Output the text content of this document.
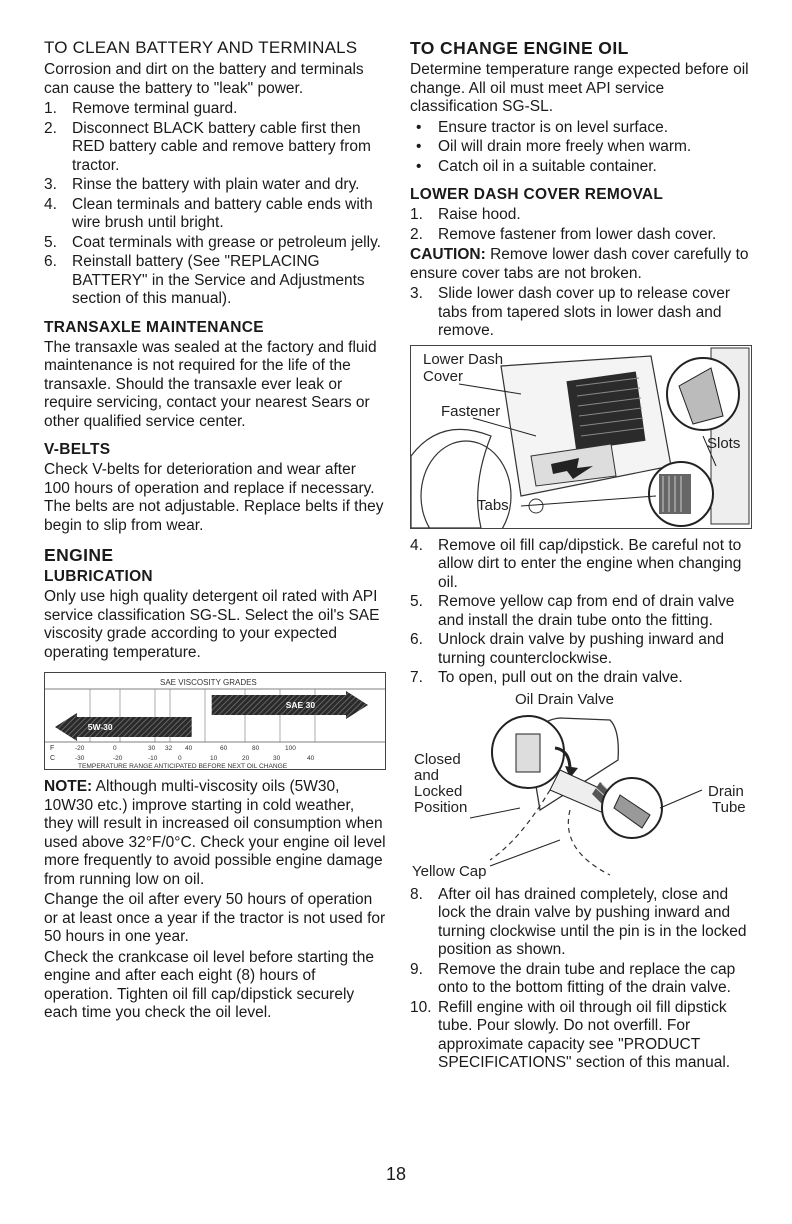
TO CLEAN BATTERY AND TERMINALS

Corrosion and dirt on the battery and terminals can cause the battery to "leak" power.

1. Remove terminal guard.
2. Disconnect BLACK battery cable first then RED battery cable and remove battery from tractor.
3. Rinse the battery with plain water and dry.
4. Clean terminals and battery cable ends with wire brush until bright.
5. Coat terminals with grease or petroleum jelly.
6. Reinstall battery (See "REPLACING BATTERY" in the Service and Adjustments section of this manual).
TRANSAXLE MAINTENANCE

The transaxle was sealed at the factory and fluid maintenance is not required for the life of the transaxle. Should the transaxle ever leak or require servicing, contact your nearest Sears or other qualified service center.

V-BELTS

Check V-belts for deterioration and wear after 100 hours of operation and replace if necessary. The belts are not adjustable. Replace belts if they begin to slip from wear.

ENGINE
LUBRICATION

Only use high quality detergent oil rated with API service classification SG-SL. Select the oil's SAE viscosity grade according to your expected operating temperature.

SAE VISCOSITY GRADES
SAE 30
5W-30
F	-20	0	30 32 40	60	80	100
C	-30	-20	-10	0	10	20	30	40
TEMPERATURE RANGE ANTICIPATED BEFORE NEXT OIL CHANGE

NOTE: Although multi-viscosity oils (5W30, 10W30 etc.) improve starting in cold weather, they will result in increased oil consumption when used above 32°F/0°C. Check your engine oil level more frequently to avoid possible engine damage from running low on oil.

Change the oil after every 50 hours of operation or at least once a year if the tractor is not used for 50 hours in one year.

Check the crankcase oil level before starting the engine and after each eight (8) hours of operation. Tighten oil fill cap/dipstick securely each time you check the oil level.

TO CHANGE ENGINE OIL

Determine temperature range expected before oil change. All oil must meet API service classification SG-SL.

• Ensure tractor is on level surface.
• Oil will drain more freely when warm.
• Catch oil in a suitable container.
LOWER DASH COVER REMOVAL
1. Raise hood.
2. Remove fastener from lower dash cover.

CAUTION: Remove lower dash cover carefully to ensure cover tabs are not broken.

3. Slide lower dash cover up to release cover tabs from tapered slots in lower dash and remove.
Lower Dash
Cover
Fastener
Slots
Tabs
4. Remove oil fill cap/dipstick. Be careful not to allow dirt to enter the engine when changing oil.
5. Remove yellow cap from end of drain valve and install the drain tube onto the fitting.
6. Unlock drain valve by pushing inward and turning counterclockwise.
7. To open, pull out on the drain valve.
Oil Drain Valve
Closed
and
Locked
Position
Drain
Tube
Yellow Cap
8. After oil has drained completely, close and lock the drain valve by pushing inward and turning clockwise until the pin is in the locked position as shown.
9. Remove the drain tube and replace the cap onto to the bottom fitting of the drain valve.
10. Refill engine with oil through oil fill dipstick tube. Pour slowly. Do not overfill. For approximate capacity see "PRODUCT SPECIFICATIONS" section of this manual.
18
